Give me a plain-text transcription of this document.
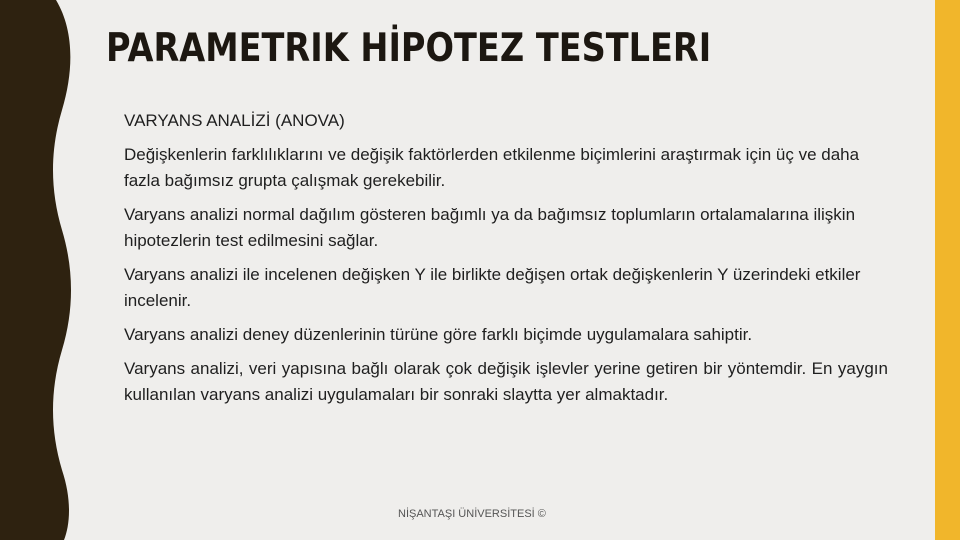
PARAMETRIK HİPOTEZ TESTLERI

VARYANS ANALİZİ (ANOVA)

Değişkenlerin farklılıklarını ve değişik faktörlerden etkilenme biçimlerini araştırmak için üç ve daha fazla bağımsız grupta çalışmak gerekebilir.

Varyans analizi normal dağılım gösteren bağımlı ya da bağımsız toplumların ortalamalarına ilişkin hipotezlerin test edilmesini sağlar.

Varyans analizi ile incelenen değişken Y ile birlikte değişen ortak değişkenlerin Y üzerindeki etkiler incelenir.

Varyans analizi deney düzenlerinin türüne göre farklı biçimde uygulamalara sahiptir.

Varyans analizi, veri yapısına bağlı olarak çok değişik işlevler yerine getiren bir yöntemdir. En yaygın kullanılan varyans analizi uygulamaları bir sonraki slaytta yer almaktadır.

NİŞANTAŞI ÜNİVERSİTESİ ©
